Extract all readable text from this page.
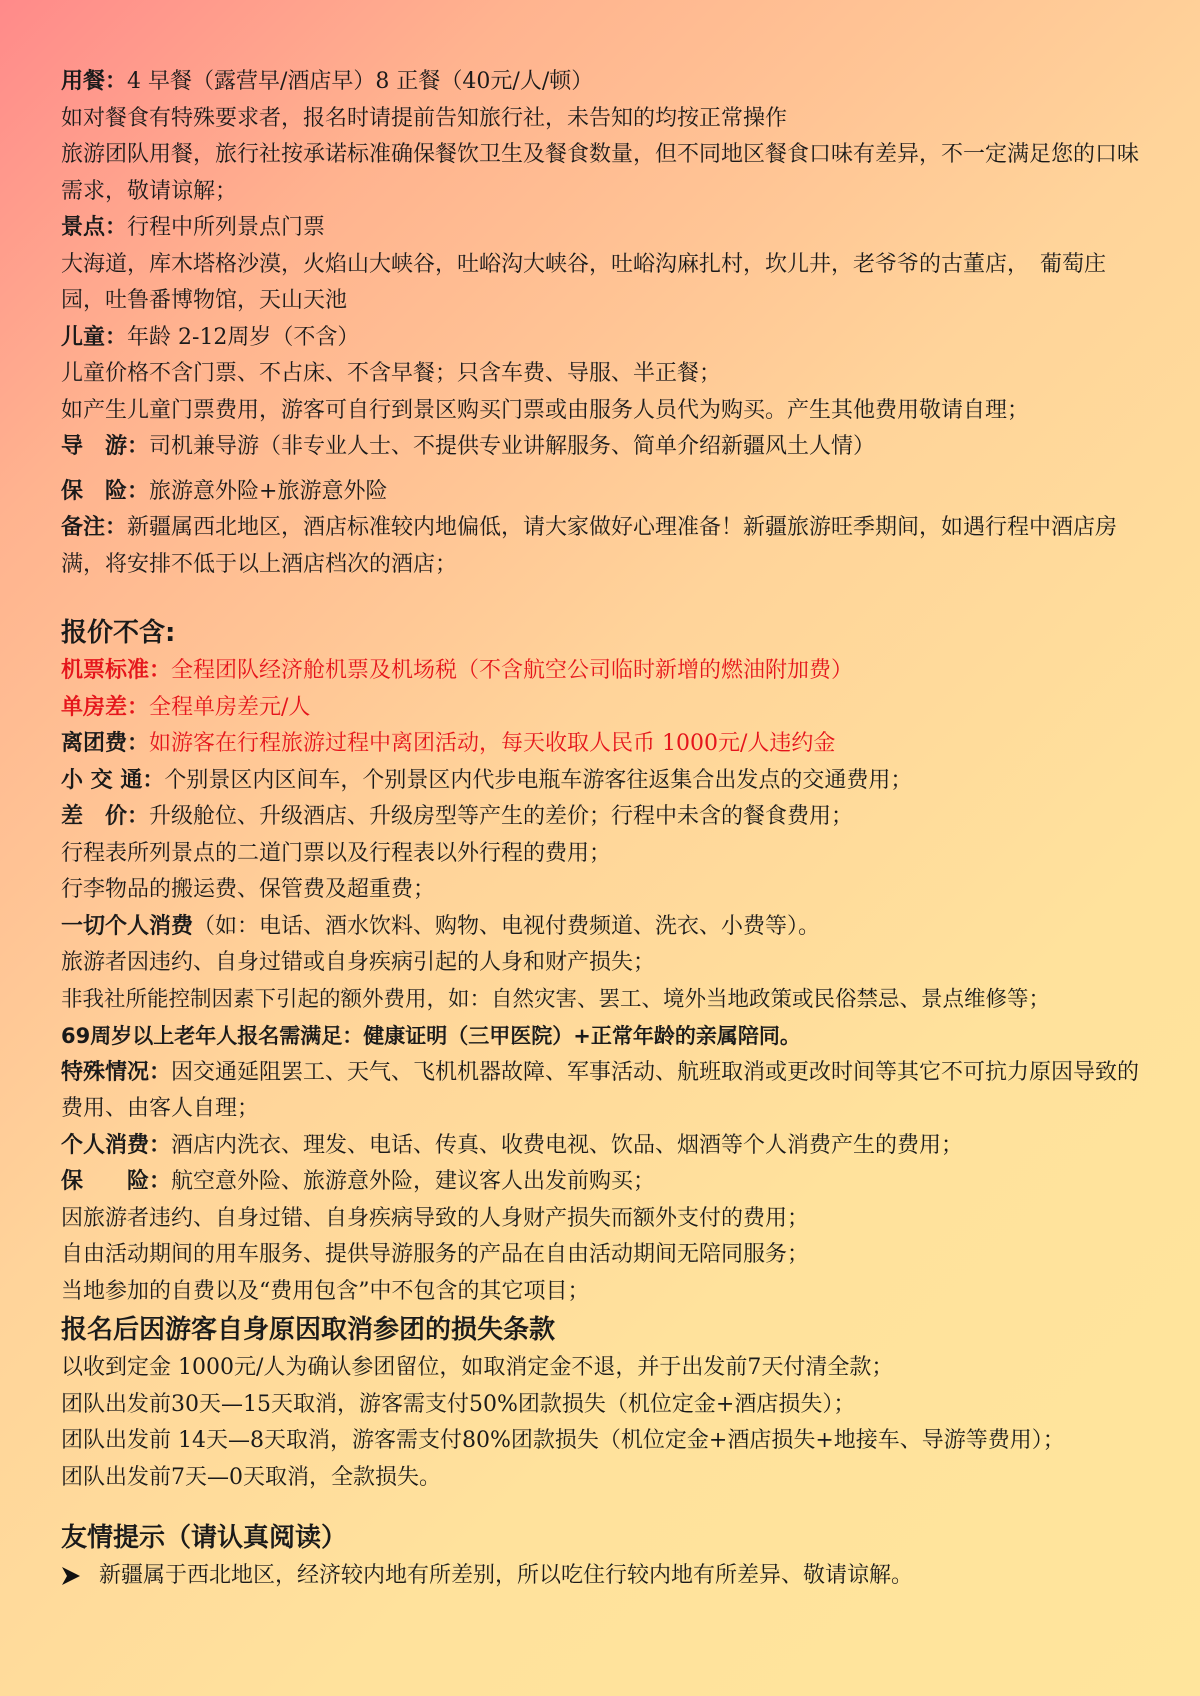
用餐：4 早餐（露营早/酒店早）8 正餐（40元/人/顿）
如对餐食有特殊要求者，报名时请提前告知旅行社，未告知的均按正常操作
旅游团队用餐，旅行社按承诺标准确保餐饮卫生及餐食数量，但不同地区餐食口味有差异，不一定满足您的口味需求，敬请谅解；
景点：行程中所列景点门票
大海道，库木塔格沙漠，火焰山大峡谷，吐峪沟大峡谷，吐峪沟麻扎村，坎儿井，老爷爷的古董店，　葡萄庄园，吐鲁番博物馆，天山天池
儿童：年龄 2-12周岁（不含）
儿童价格不含门票、不占床、不含早餐；只含车费、导服、半正餐；
如产生儿童门票费用，游客可自行到景区购买门票或由服务人员代为购买。产生其他费用敬请自理；
导　游：司机兼导游（非专业人士、不提供专业讲解服务、简单介绍新疆风土人情）
保　险：旅游意外险+旅游意外险
备注：新疆属西北地区，酒店标准较内地偏低，请大家做好心理准备！新疆旅游旺季期间，如遇行程中酒店房满，将安排不低于以上酒店档次的酒店；
报价不含:
机票标准：全程团队经济舱机票及机场税（不含航空公司临时新增的燃油附加费）
单房差：全程单房差元/人
离团费：如游客在行程旅游过程中离团活动，每天收取人民币 1000元/人违约金
小 交 通：个别景区内区间车，个别景区内代步电瓶车游客往返集合出发点的交通费用；
差　价：升级舱位、升级酒店、升级房型等产生的差价；行程中未含的餐食费用；
行程表所列景点的二道门票以及行程表以外行程的费用；
行李物品的搬运费、保管费及超重费；
一切个人消费（如：电话、酒水饮料、购物、电视付费频道、洗衣、小费等）。
旅游者因违约、自身过错或自身疾病引起的人身和财产损失；
非我社所能控制因素下引起的额外费用，如：自然灾害、罢工、境外当地政策或民俗禁忌、景点维修等；
69周岁以上老年人报名需满足：健康证明（三甲医院）+正常年龄的亲属陪同。
特殊情况：因交通延阻罢工、天气、飞机机器故障、军事活动、航班取消或更改时间等其它不可抗力原因导致的费用、由客人自理；
个人消费：酒店内洗衣、理发、电话、传真、收费电视、饮品、烟酒等个人消费产生的费用；
保　　险：航空意外险、旅游意外险，建议客人出发前购买；
因旅游者违约、自身过错、自身疾病导致的人身财产损失而额外支付的费用；
自由活动期间的用车服务、提供导游服务的产品在自由活动期间无陪同服务；
当地参加的自费以及“费用包含”中不包含的其它项目；
报名后因游客自身原因取消参团的损失条款
以收到定金 1000元/人为确认参团留位，如取消定金不退，并于出发前7天付清全款；
团队出发前30天—15天取消，游客需支付50%团款损失（机位定金+酒店损失）；
团队出发前 14天—8天取消，游客需支付80%团款损失（机位定金+酒店损失+地接车、导游等费用）；
团队出发前7天—0天取消，全款损失。
友情提示（请认真阅读）
新疆属于西北地区，经济较内地有所差别，所以吃住行较内地有所差异、敬请谅解。
